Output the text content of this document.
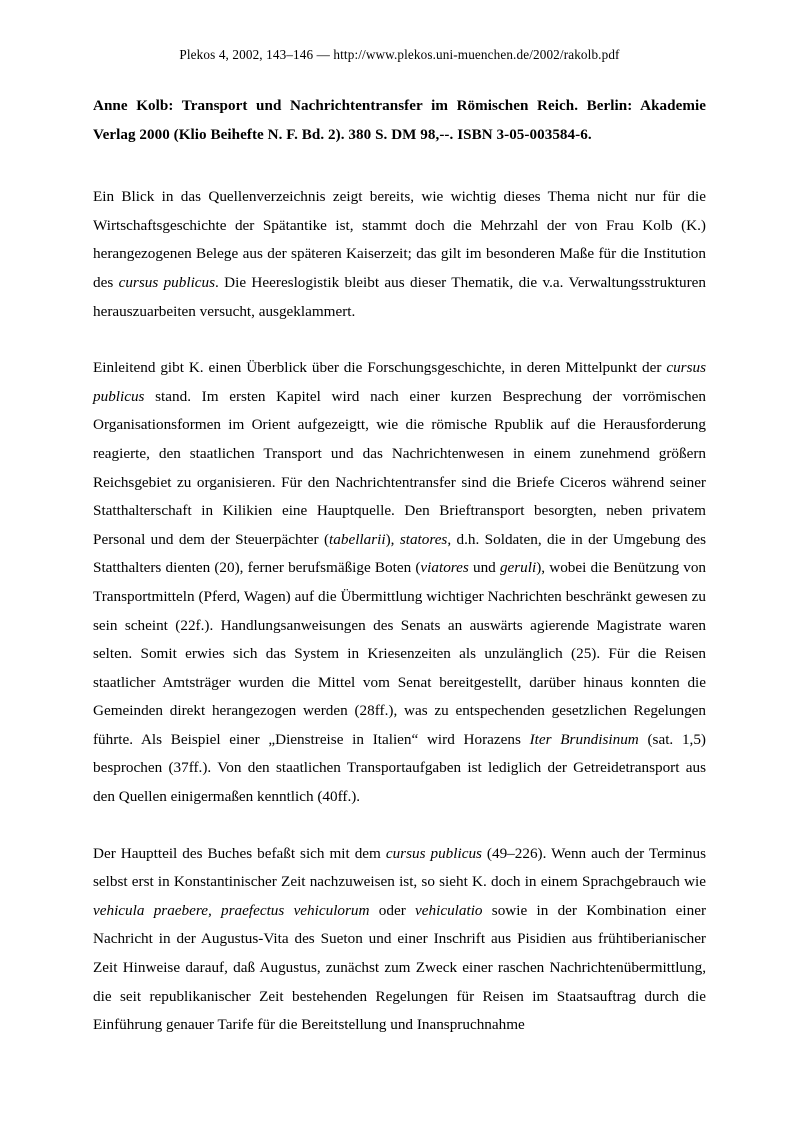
Plekos 4, 2002, 143–146 — http://www.plekos.uni-muenchen.de/2002/rakolb.pdf
Anne Kolb: Transport und Nachrichtentransfer im Römischen Reich. Berlin: Akademie Verlag 2000 (Klio Beihefte N. F. Bd. 2). 380 S. DM 98,--. ISBN 3-05-003584-6.

Ein Blick in das Quellenverzeichnis zeigt bereits, wie wichtig dieses Thema nicht nur für die Wirtschaftsgeschichte der Spätantike ist, stammt doch die Mehrzahl der von Frau Kolb (K.) herangezogenen Belege aus der späteren Kaiserzeit; das gilt im besonderen Maße für die Institution des cursus publicus. Die Heereslogistik bleibt aus dieser Thematik, die v.a. Verwaltungsstrukturen herauszuarbeiten versucht, ausgeklammert.

Einleitend gibt K. einen Überblick über die Forschungsgeschichte, in deren Mittelpunkt der cursus publicus stand. Im ersten Kapitel wird nach einer kurzen Besprechung der vorrömischen Organisationsformen im Orient aufgezeigtt, wie die römische Rpublik auf die Herausforderung reagierte, den staatlichen Transport und das Nachrichtenwesen in einem zunehmend größern Reichsgebiet zu organisieren. Für den Nachrichtentransfer sind die Briefe Ciceros während seiner Statthalterschaft in Kilikien eine Hauptquelle. Den Brieftransport besorgten, neben privatem Personal und dem der Steuerpächter (tabellarii), statores, d.h. Soldaten, die in der Umgebung des Statthalters dienten (20), ferner berufsmäßige Boten (viatores und geruli), wobei die Benützung von Transportmitteln (Pferd, Wagen) auf die Übermittlung wichtiger Nachrichten beschränkt gewesen zu sein scheint (22f.). Handlungsanweisungen des Senats an auswärts agierende Magistrate waren selten. Somit erwies sich das System in Kriesenzeiten als unzulänglich (25). Für die Reisen staatlicher Amtsträger wurden die Mittel vom Senat bereitgestellt, darüber hinaus konnten die Gemeinden direkt herangezogen werden (28ff.), was zu entspechenden gesetzlichen Regelungen führte. Als Beispiel einer „Dienstreise in Italien“ wird Horazens Iter Brundisinum (sat. 1,5) besprochen (37ff.). Von den staatlichen Transportaufgaben ist lediglich der Getreidetransport aus den Quellen einigermaßen kenntlich (40ff.).

Der Hauptteil des Buches befaßt sich mit dem cursus publicus (49–226). Wenn auch der Terminus selbst erst in Konstantinischer Zeit nachzuweisen ist, so sieht K. doch in einem Sprachgebrauch wie vehicula praebere, praefectus vehiculorum oder vehiculatio sowie in der Kombination einer Nachricht in der Augustus-Vita des Sueton und einer Inschrift aus Pisidien aus frühtiberianischer Zeit Hinweise darauf, daß Augustus, zunächst zum Zweck einer raschen Nachrichtenübermittlung, die seit republikanischer Zeit bestehenden Regelungen für Reisen im Staatsauftrag durch die Einführung genauer Tarife für die Bereitstellung und Inanspruchnahme
